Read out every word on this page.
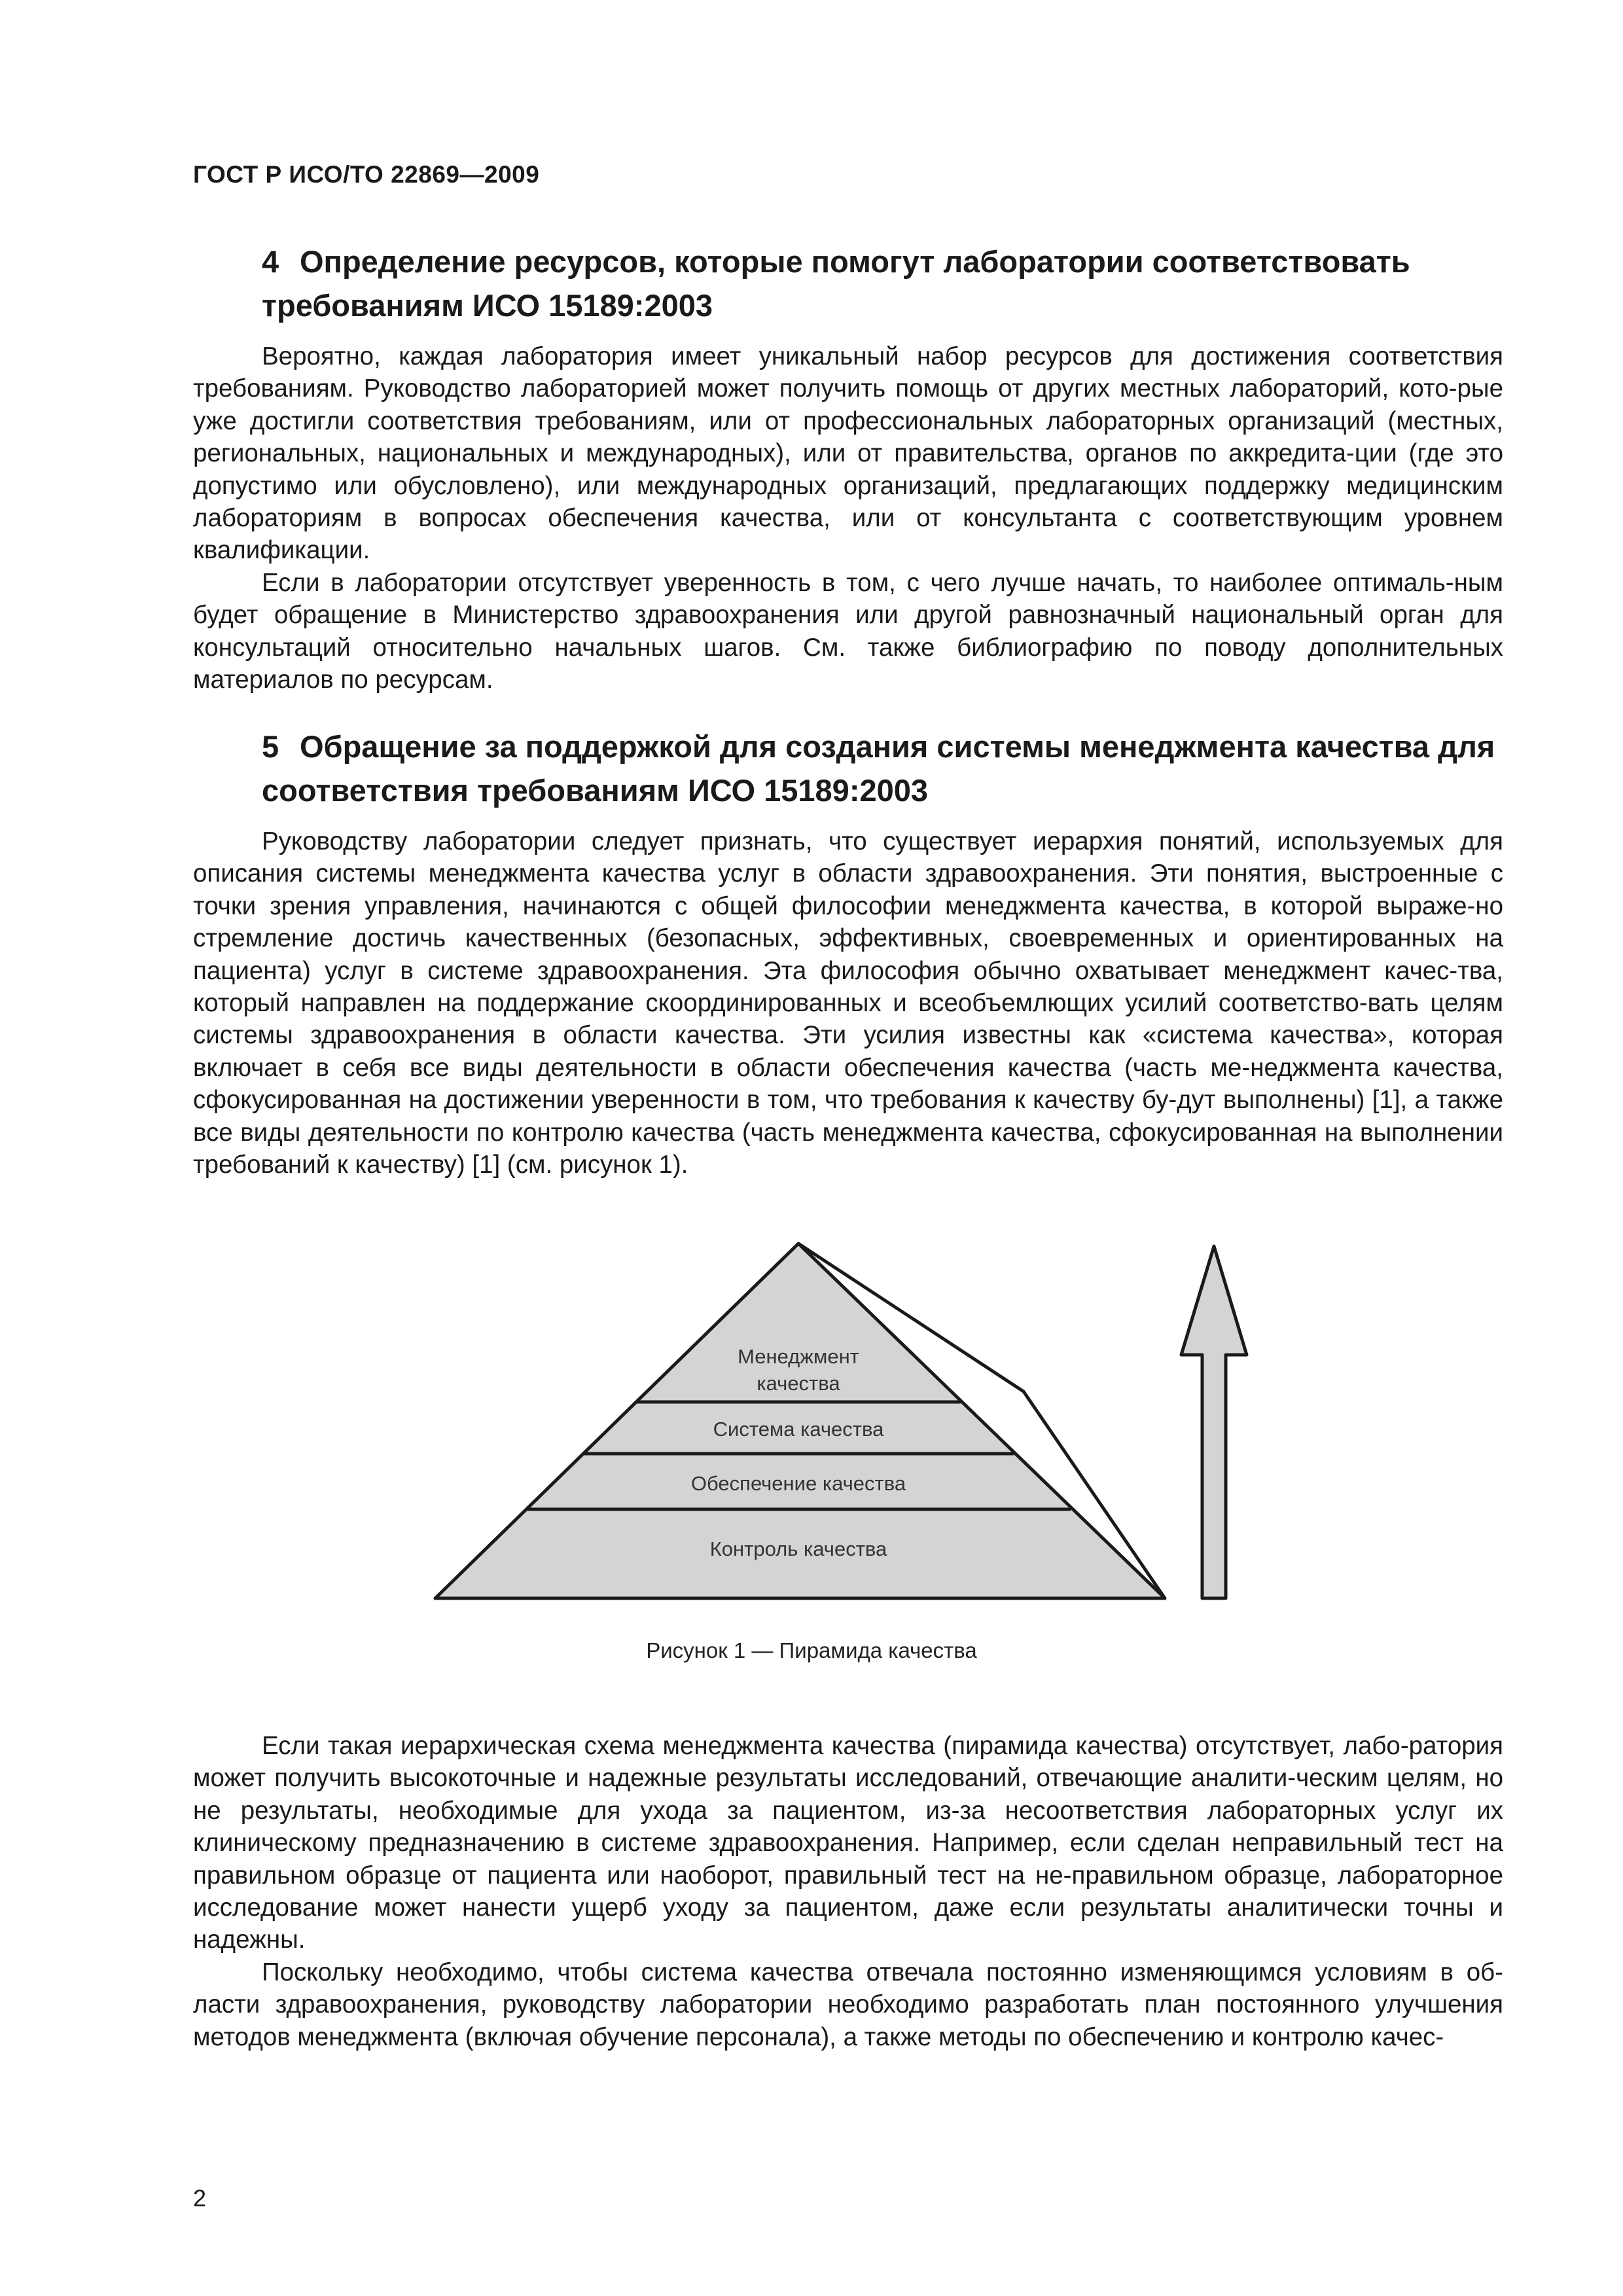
ГОСТ Р ИСО/ТО 22869—2009
4 Определение ресурсов, которые помогут лаборатории соответствовать требованиям ИСО 15189:2003

Вероятно, каждая лаборатория имеет уникальный набор ресурсов для достижения соответствия требованиям. Руководство лабораторией может получить помощь от других местных лабораторий, кото-рые уже достигли соответствия требованиям, или от профессиональных лабораторных организаций (местных, региональных, национальных и международных), или от правительства, органов по аккредита-ции (где это допустимо или обусловлено), или международных организаций, предлагающих поддержку медицинским лабораториям в вопросах обеспечения качества, или от консультанта с соответствующим уровнем квалификации.

Если в лаборатории отсутствует уверенность в том, с чего лучше начать, то наиболее оптималь-ным будет обращение в Министерство здравоохранения или другой равнозначный национальный орган для консультаций относительно начальных шагов. См. также библиографию по поводу дополнительных материалов по ресурсам.

5 Обращение за поддержкой для создания системы менеджмента качества для соответствия требованиям ИСО 15189:2003

Руководству лаборатории следует признать, что существует иерархия понятий, используемых для описания системы менеджмента качества услуг в области здравоохранения. Эти понятия, выстроенные с точки зрения управления, начинаются с общей философии менеджмента качества, в которой выраже-но стремление достичь качественных (безопасных, эффективных, своевременных и ориентированных на пациента) услуг в системе здравоохранения. Эта философия обычно охватывает менеджмент качес-тва, который направлен на поддержание скоординированных и всеобъемлющих усилий соответство-вать целям системы здравоохранения в области качества. Эти усилия известны как «система качества», которая включает в себя все виды деятельности в области обеспечения качества (часть ме-неджмента качества, сфокусированная на достижении уверенности в том, что требования к качеству бу-дут выполнены) [1], а также все виды деятельности по контролю качества (часть менеджмента качества, сфокусированная на выполнении требований к качеству) [1] (см. рисунок 1).

Менеджмент
качества
Система качества
Обеспечение качества
Контроль качества
Рисунок 1 — Пирамида качества

Если такая иерархическая схема менеджмента качества (пирамида качества) отсутствует, лабо-ратория может получить высокоточные и надежные результаты исследований, отвечающие аналити-ческим целям, но не результаты, необходимые для ухода за пациентом, из-за несоответствия лабораторных услуг их клиническому предназначению в системе здравоохранения. Например, если сделан неправильный тест на правильном образце от пациента или наоборот, правильный тест на не-правильном образце, лабораторное исследование может нанести ущерб уходу за пациентом, даже если результаты аналитически точны и надежны.

Поскольку необходимо, чтобы система качества отвечала постоянно изменяющимся условиям в об-ласти здравоохранения, руководству лаборатории необходимо разработать план постоянного улучшения методов менеджмента (включая обучение персонала), а также методы по обеспечению и контролю качес-

2
